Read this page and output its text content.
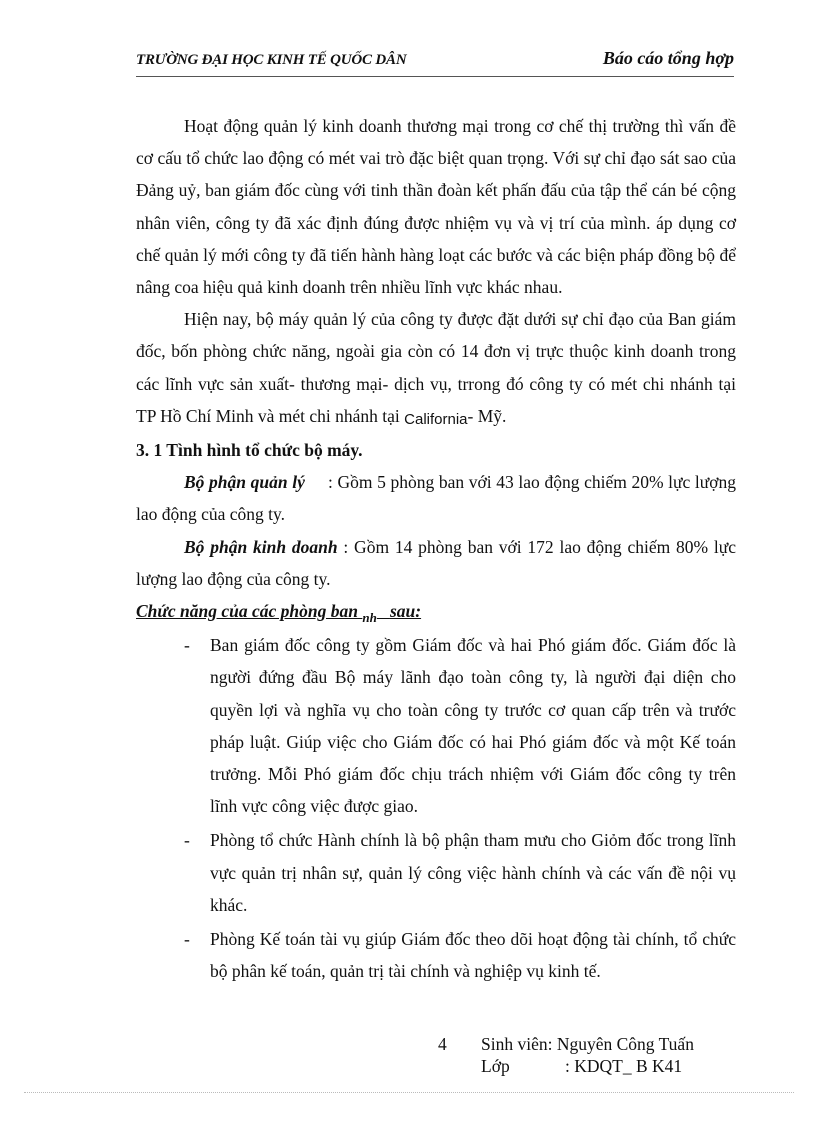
TRƯỜNG ĐẠI HỌC KINH TẾ QUỐC DÂN	Báo cáo tổng hợp

Hoạt động quản lý kinh doanh thương mại trong cơ chế thị trường thì vấn đề cơ cấu tổ chức lao động có mét vai trò đặc biệt quan trọng. Với sự chỉ đạo sát sao của Đảng uỷ, ban giám đốc cùng với tinh thần đoàn kết phấn đấu của tập thể cán bé cộng nhân viên, công ty đã xác định đúng được nhiệm vụ và vị trí của mình. áp dụng cơ chế quản lý mới công ty đã tiến hành hàng loạt các bước và các biện pháp đồng bộ để nâng coa hiệu quả kinh doanh trên nhiều lĩnh vực khác nhau.

Hiện nay, bộ máy quản lý của công ty được đặt dưới sự chỉ đạo của Ban giám đốc, bốn phòng chức năng, ngoài gia còn có 14 đơn vị trực thuộc kinh doanh trong các lĩnh vực sản xuất- thương mại- dịch vụ, trrong đó công ty có mét chi nhánh tại TP Hồ Chí Minh và mét chi nhánh tại California- Mỹ.

3. 1 Tình hình tổ chức bộ máy.

Bộ phận quản lý : Gồm 5 phòng ban với 43 lao động chiếm 20% lực lượng lao động của công ty.

Bộ phận kinh doanh : Gồm 14 phòng ban với 172 lao động chiếm 80% lực lượng lao động của công ty.

Chức năng của các phòng ban $_{nh}$ sau:

- Ban giám đốc công ty gồm Giám đốc và hai Phó giám đốc. Giám đốc là người đứng đầu Bộ máy lãnh đạo toàn công ty, là người đại diện cho quyền lợi và nghĩa vụ cho toàn công ty trước cơ quan cấp trên và trước pháp luật. Giúp việc cho Giám đốc có hai Phó giám đốc và một Kế toán trưởng. Mỗi Phó giám đốc chịu trách nhiệm với Giám đốc công ty trên lĩnh vực công việc được giao.
- Phòng tổ chức Hành chính là bộ phận tham mưu cho Giỏm đốc trong lĩnh vực quản trị nhân sự, quản lý công việc hành chính và các vấn đề nội vụ khác.
- Phòng Kế toán tài vụ giúp Giám đốc theo dõi hoạt động tài chính, tổ chức bộ phân kế toán, quản trị tài chính và nghiệp vụ kinh tế.
4 Sinh viên: Nguyên Công Tuấn
Lớp	: KDQT_ B K41
